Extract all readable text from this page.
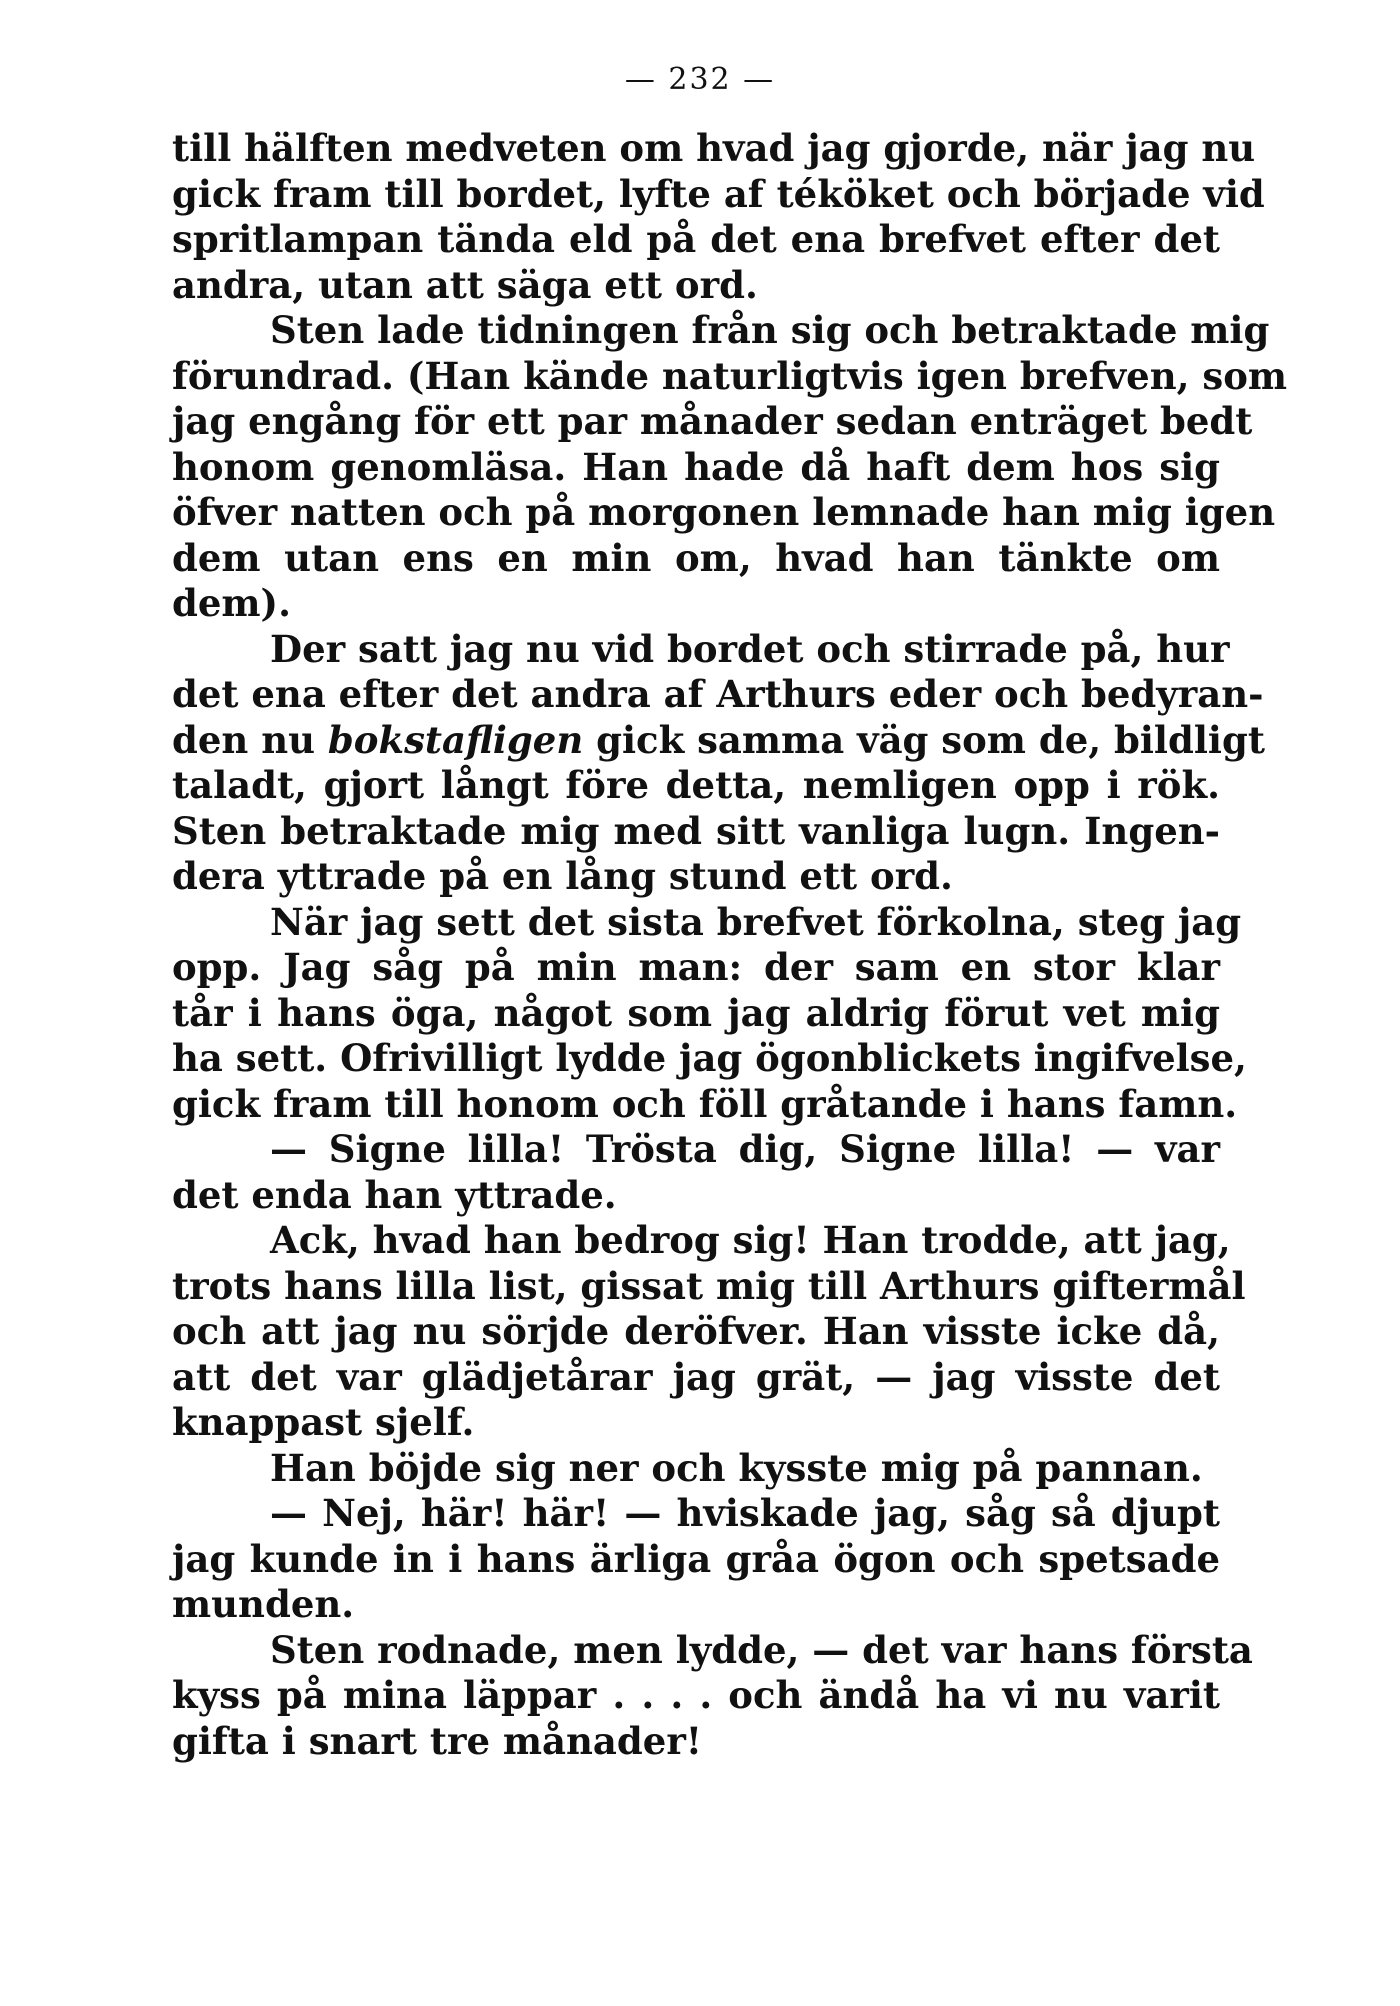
— 232 —
till hälften medveten om hvad jag gjorde, när jag nu
gick fram till bordet, lyfte af téköket och började vid
spritlampan tända eld på det ena brefvet efter det
andra, utan att säga ett ord.
Sten lade tidningen från sig och betraktade mig
förundrad. (Han kände naturligtvis igen brefven, som
jag engång för ett par månader sedan enträget bedt
honom genomläsa. Han hade då haft dem hos sig
öfver natten och på morgonen lemnade han mig igen
dem utan ens en min om, hvad han tänkte om
dem).
Der satt jag nu vid bordet och stirrade på, hur
det ena efter det andra af Arthurs eder och bedyran-
den nu bokstafligen gick samma väg som de, bildligt
taladt, gjort långt före detta, nemligen opp i rök.
Sten betraktade mig med sitt vanliga lugn. Ingen-
dera yttrade på en lång stund ett ord.
När jag sett det sista brefvet förkolna, steg jag
opp. Jag såg på min man: der sam en stor klar
tår i hans öga, något som jag aldrig förut vet mig
ha sett. Ofrivilligt lydde jag ögonblickets ingifvelse,
gick fram till honom och föll gråtande i hans famn.
— Signe lilla! Trösta dig, Signe lilla! — var
det enda han yttrade.
Ack, hvad han bedrog sig! Han trodde, att jag,
trots hans lilla list, gissat mig till Arthurs giftermål
och att jag nu sörjde deröfver. Han visste icke då,
att det var glädjetårar jag grät, — jag visste det
knappast sjelf.
Han böjde sig ner och kysste mig på pannan.
— Nej, här! här! — hviskade jag, såg så djupt
jag kunde in i hans ärliga gråa ögon och spetsade
munden.
Sten rodnade, men lydde, — det var hans första
kyss på mina läppar . . . . och ändå ha vi nu varit
gifta i snart tre månader!
